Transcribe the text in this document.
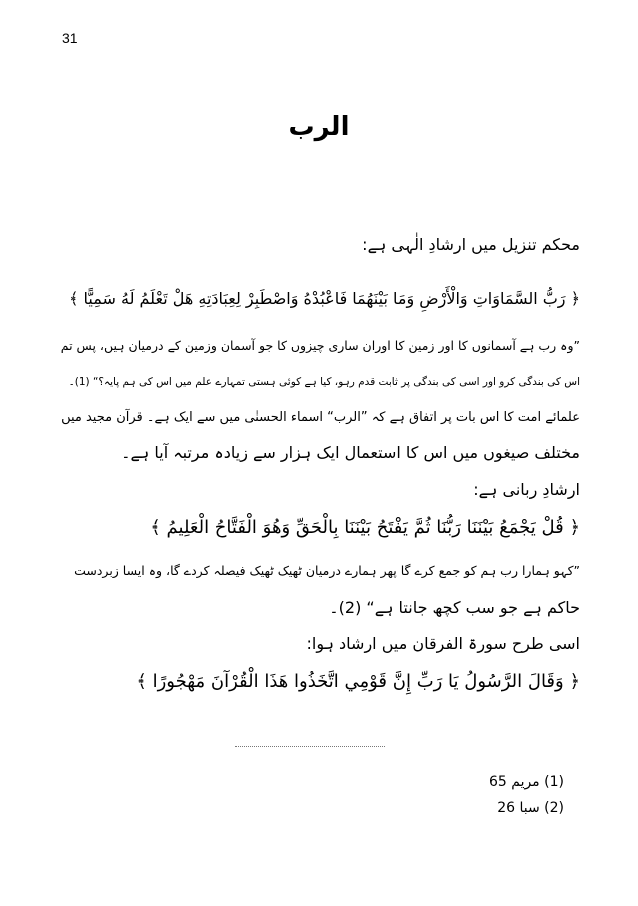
31
الرب
محکم تنزیل میں ارشادِ الٰہی ہے:
﴿ رَبُّ السَّمَاوَاتِ وَالْأَرْضِ وَمَا بَيْنَهُمَا فَاعْبُدْهُ وَاصْطَبِرْ لِعِبَادَتِهِ هَلْ تَعْلَمُ لَهُ سَمِيًّا ﴾
”وہ رب ہے آسمانوں کا اور زمین کا اوران ساری چیزوں کا جو آسمان وزمین کے درمیان ہیں، پس تم
اس کی بندگی کرو اور اسی کی بندگی پر ثابت قدم رہو، کیا ہے کوئی ہستی تمہارے علم میں اس کی ہم پایہ؟“ (1)۔
علمائے امت کا اس بات پر اتفاق ہے کہ ”الرب“ اسماء الحسنٰی میں سے ایک ہے۔ قرآن مجید میں
مختلف صیغوں میں اس کا استعمال ایک ہزار سے زیادہ مرتبہ آیا ہے۔
ارشادِ ربانی ہے:
﴿ قُلْ يَجْمَعُ بَيْنَنَا رَبُّنَا ثُمَّ يَفْتَحُ بَيْنَنَا بِالْحَقِّ وَهُوَ الْفَتَّاحُ الْعَلِيمُ ﴾
”کہو ہمارا رب ہم کو جمع کرے گا پھر ہمارے درمیان ٹھیک ٹھیک فیصلہ کردے گا، وہ ایسا زبردست
حاکم ہے جو سب کچھ جانتا ہے“ (2)۔
اسی طرح سورۃ الفرقان میں ارشاد ہوا:
﴿ وَقَالَ الرَّسُولُ يَا رَبِّ إِنَّ قَوْمِي اتَّخَذُوا هَذَا الْقُرْآنَ مَهْجُورًا ﴾
(1) مریم 65
(2) سبا 26
